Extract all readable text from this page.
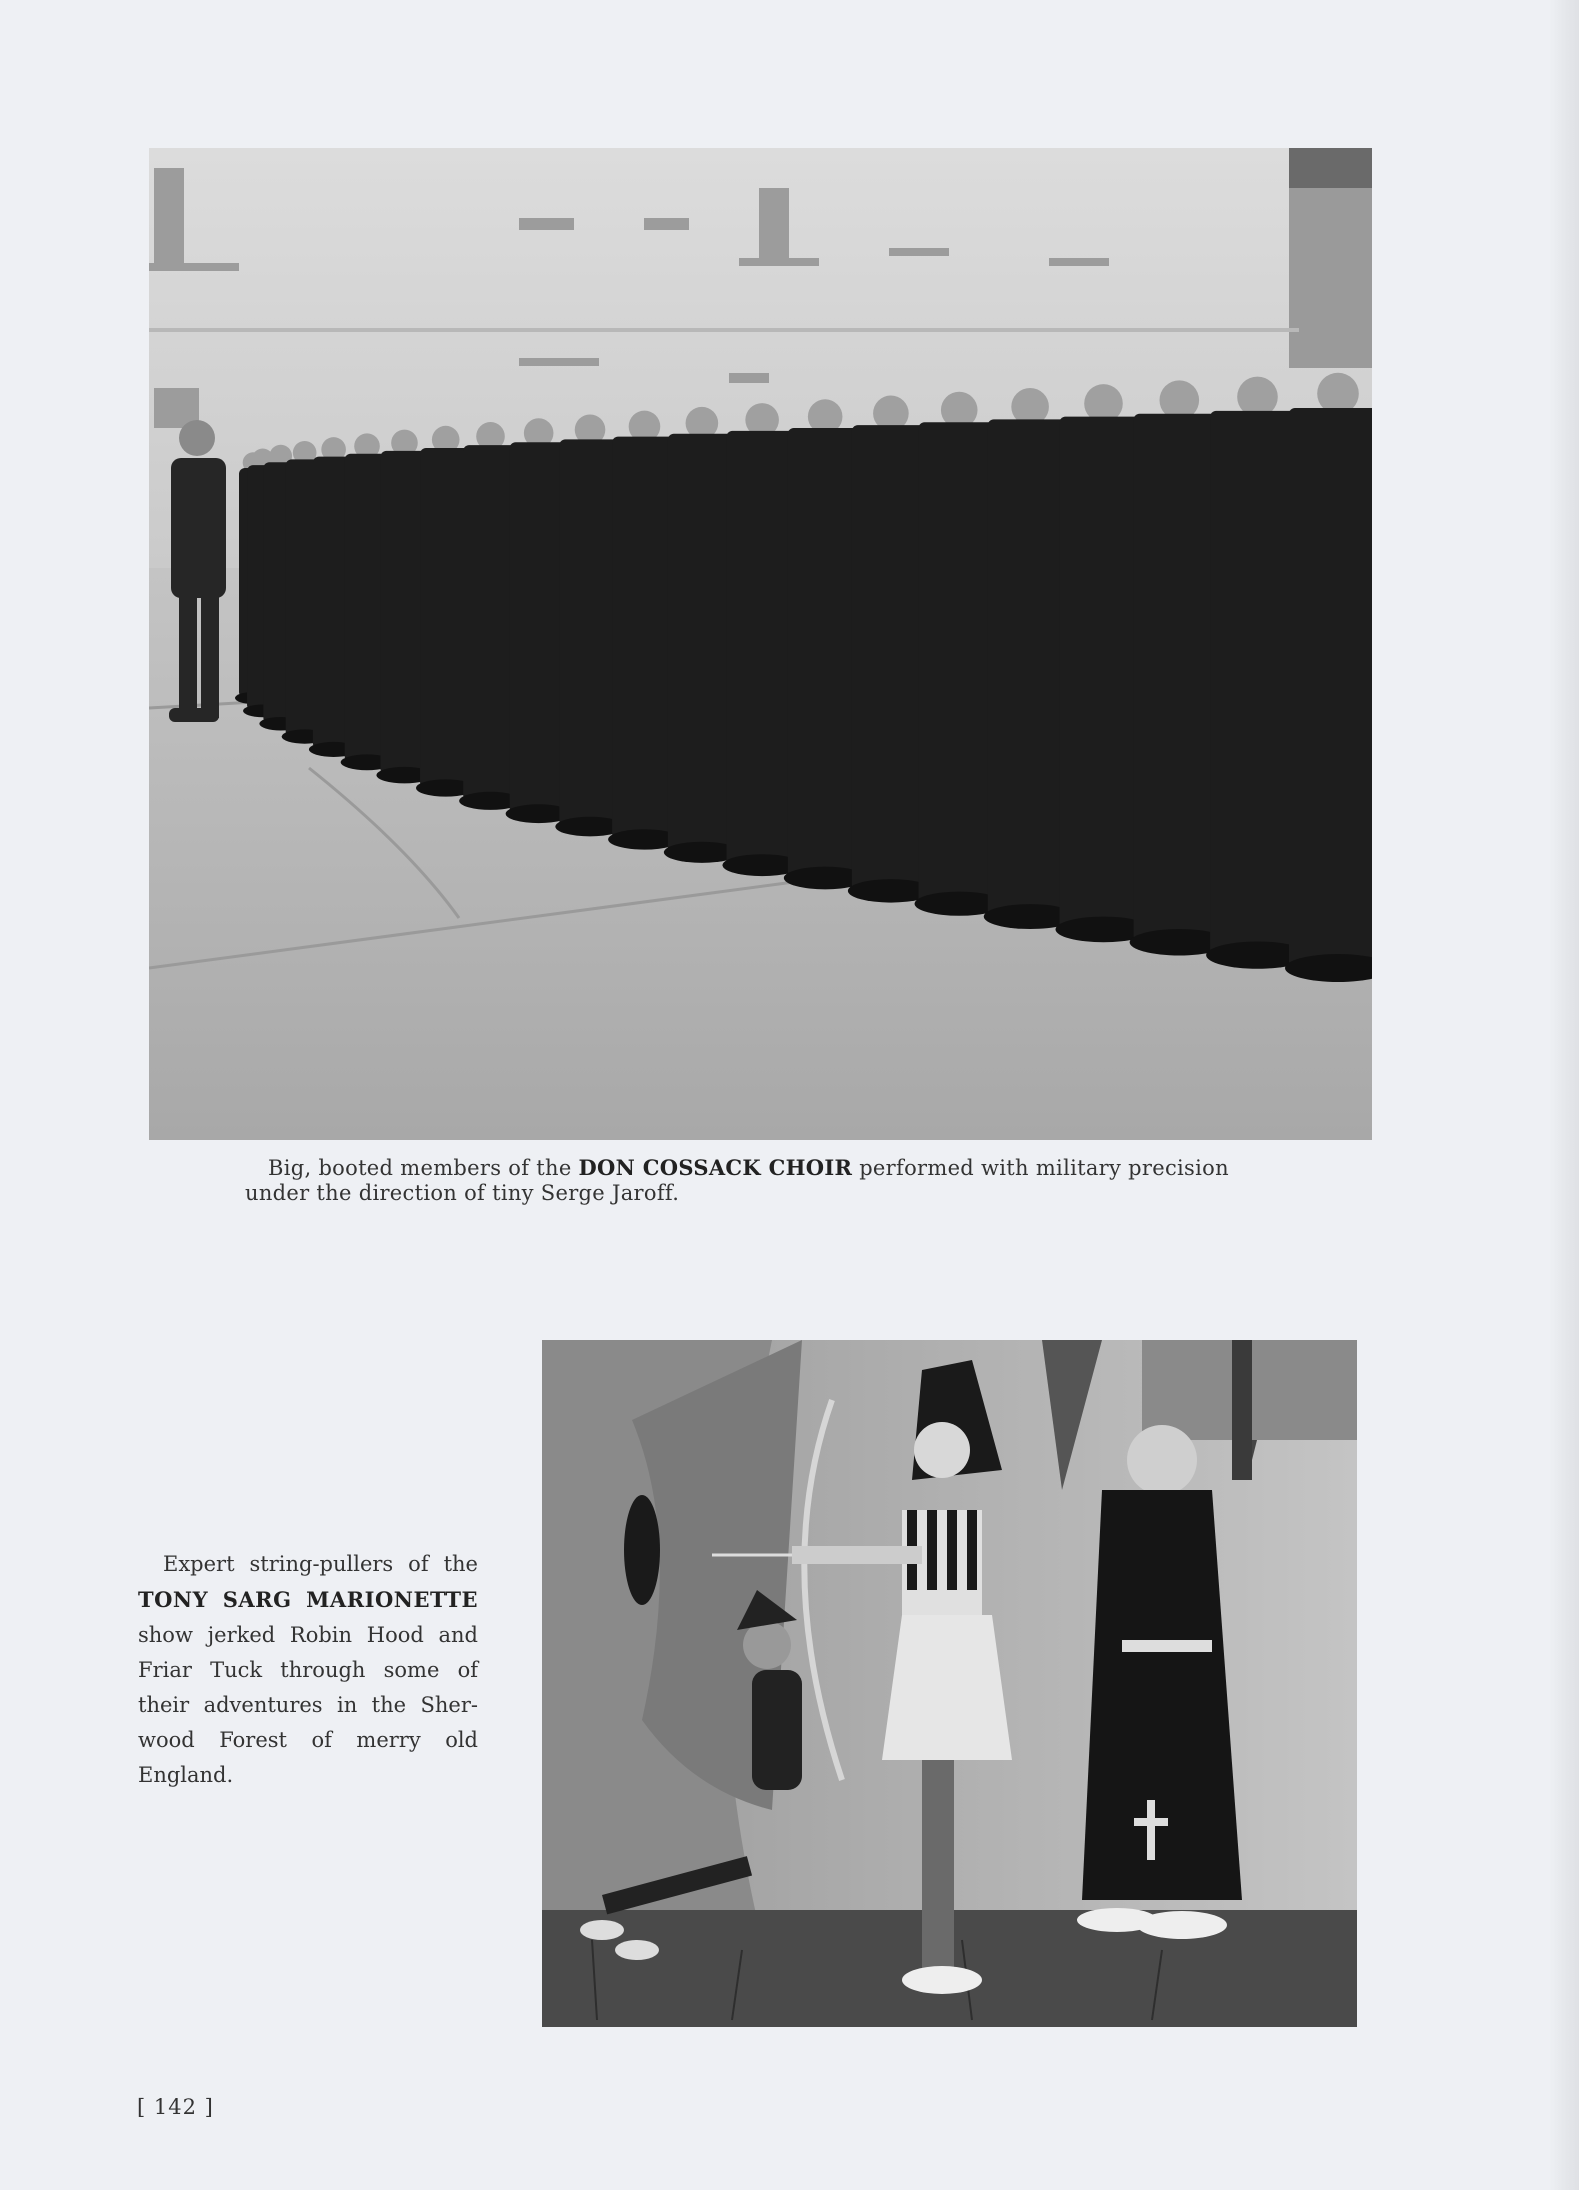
Big, booted members of the DON COSSACK CHOIR performed with military precision
under the direction of tiny Serge Jaroff.
Expert string-pullers of the
TONY SARG MARIONETTE
show jerked Robin Hood and
Friar Tuck through some of
their adventures in the Sher-
wood Forest of merry old
England.
[ 142 ]
